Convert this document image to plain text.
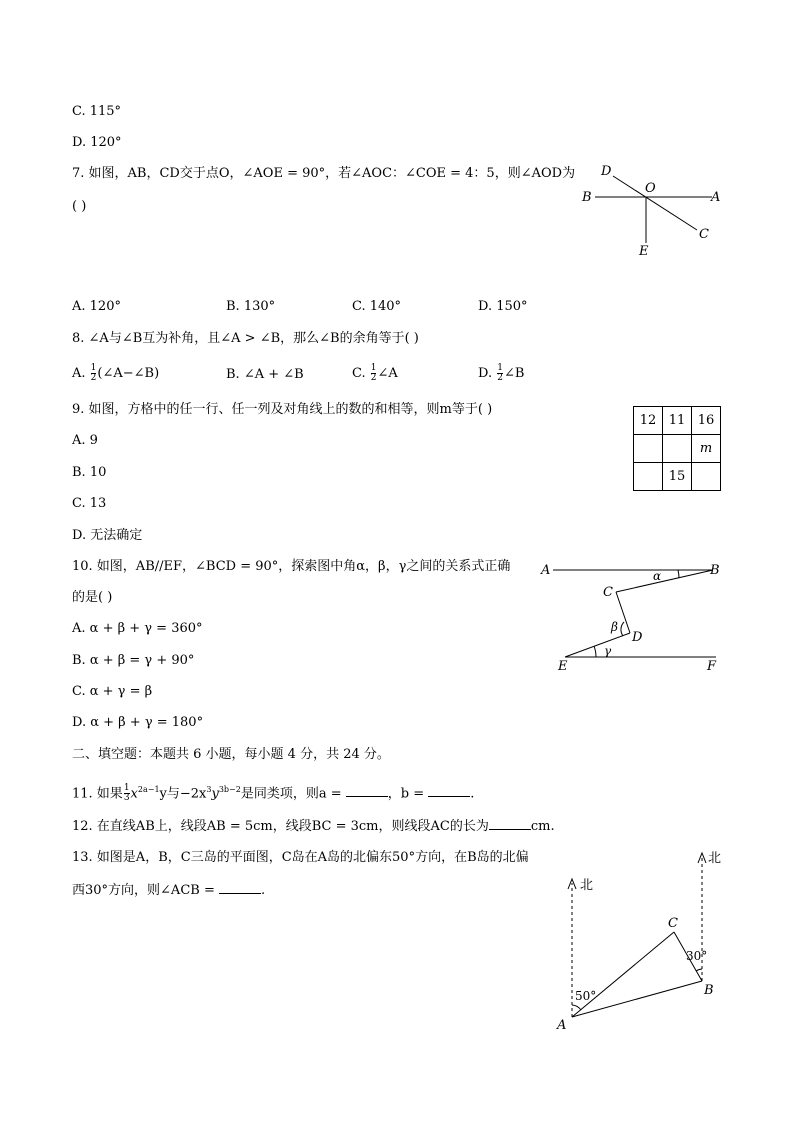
C. 115°
D. 120°
7. 如图，AB，CD交于点O，∠AOE = 90°，若∠AOC：∠COE = 4：5，则∠AOD为
( )
D
O
B	A
C
E
A. 120°	B. 130°	C. 140°	D. 150°
8. ∠A与∠B互为补角，且∠A > ∠B，那么∠B的余角等于( )
A. $\frac{1}{2}$ (∠A−∠B)	B. ∠A + ∠B	C. $\frac{1}{2}$ ∠A	D. $\frac{1}{2}$ ∠B
9. 如图，方格中的任一行、任一列及对角线上的数的和相等，则m等于( )
12	11	16
		m
	15	
A. 9
B. 10
C. 13
D. 无法确定
10. 如图，AB//EF，∠BCD = 90°，探索图中角α，β，γ之间的关系式正确
的是( )
A	B
C
D
E	F
α
β
γ
A. α + β + γ = 360°
B. α + β = γ + 90°
C. α + γ = β
D. α + β + γ = 180°
二、填空题：本题共 6 小题，每小题 4 分，共 24 分。
11. 如果 $\frac{1}{3} x^{2a-1}y$与$-2x^3y^{3b-2}$是同类项，则a =	，b =	.
12. 在直线AB上，线段AB = 5cm，线段BC = 3cm，则线段AC的长为	cm.
13. 如图是A，B，C三岛的平面图，C岛在A岛的北偏东50°方向，在B岛的北偏
西30°方向，则∠ACB =	.	北
北
C
B
A
50°
30°
